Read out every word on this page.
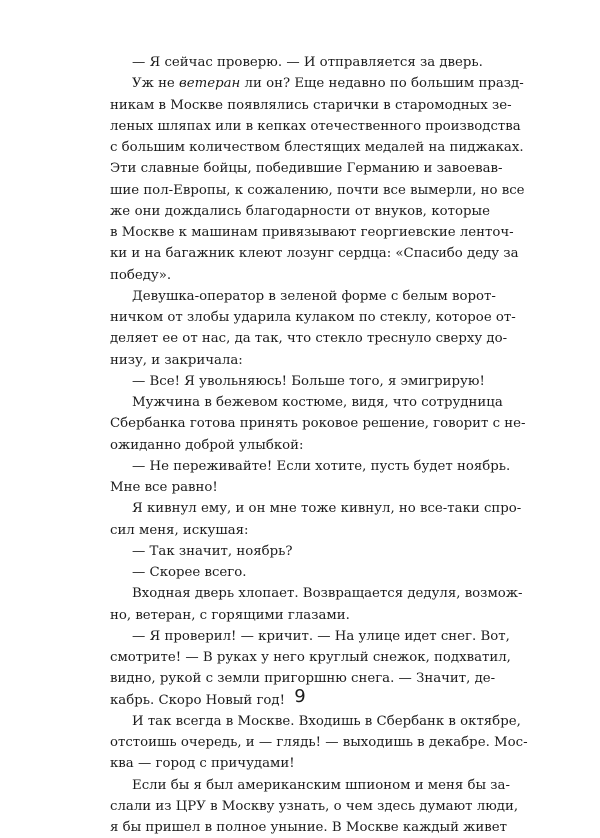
— Я сейчас проверю. — И отправляется за дверь.
Уж не ветеран ли он? Еще недавно по большим празд-
никам в Москве появлялись старички в старомодных зе-
леных шляпах или в кепках отечественного производства
с большим количеством блестящих медалей на пиджаках.
Эти славные бойцы, победившие Германию и завоевав-
шие пол-Европы, к сожалению, почти все вымерли, но все
же они дождались благодарности от внуков, которые
в Москве к машинам привязывают георгиевские ленточ-
ки и на багажник клеют лозунг сердца: «Спасибо деду за
победу».
Девушка-оператор в зеленой форме с белым ворот-
ничком от злобы ударила кулаком по стеклу, которое от-
деляет ее от нас, да так, что стекло треснуло сверху до-
низу, и закричала:
— Все! Я увольняюсь! Больше того, я эмигрирую!
Мужчина в бежевом костюме, видя, что сотрудница
Сбербанка готова принять роковое решение, говорит с не-
ожиданно доброй улыбкой:
— Не переживайте! Если хотите, пусть будет ноябрь.
Мне все равно!
Я кивнул ему, и он мне тоже кивнул, но все-таки спро-
сил меня, искушая:
— Так значит, ноябрь?
— Скорее всего.
Входная дверь хлопает. Возвращается дедуля, возмож-
но, ветеран, с горящими глазами.
— Я проверил! — кричит. — На улице идет снег. Вот,
смотрите! — В руках у него круглый снежок, подхватил,
видно, рукой с земли пригоршню снега. — Значит, де-
кабрь. Скоро Новый год!
И так всегда в Москве. Входишь в Сбербанк в октябре,
отстоишь очередь, и — глядь! — выходишь в декабре. Мос-
ква — город с причудами!
Если бы я был американским шпионом и меня бы за-
слали из ЦРУ в Москву узнать, о чем здесь думают люди,
я бы пришел в полное уныние. В Москве каждый живет
9
